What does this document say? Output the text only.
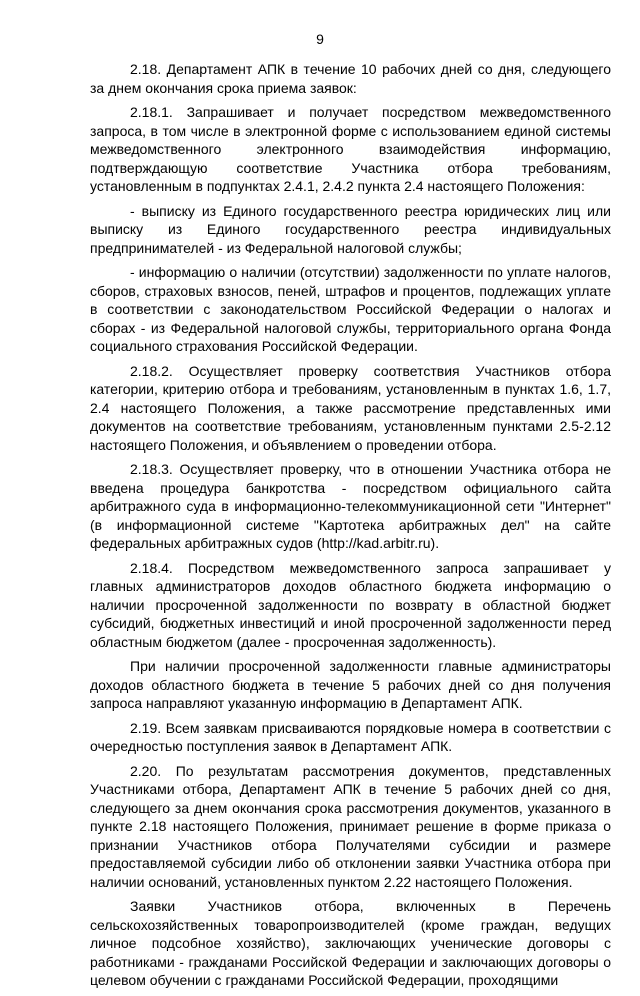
9

2.18. Департамент АПК в течение 10 рабочих дней со дня, следующего за днем окончания срока приема заявок:

2.18.1. Запрашивает и получает посредством межведомственного запроса, в том числе в электронной форме с использованием единой системы межведомственного электронного взаимодействия информацию, подтверждающую соответствие Участника отбора требованиям, установленным в подпунктах 2.4.1, 2.4.2 пункта 2.4 настоящего Положения:

- выписку из Единого государственного реестра юридических лиц или выписку из Единого государственного реестра индивидуальных предпринимателей - из Федеральной налоговой службы;

- информацию о наличии (отсутствии) задолженности по уплате налогов, сборов, страховых взносов, пеней, штрафов и процентов, подлежащих уплате в соответствии с законодательством Российской Федерации о налогах и сборах - из Федеральной налоговой службы, территориального органа Фонда социального страхования Российской Федерации.

2.18.2. Осуществляет проверку соответствия Участников отбора категории, критерию отбора и требованиям, установленным в пунктах 1.6, 1.7, 2.4 настоящего Положения, а также рассмотрение представленных ими документов на соответствие требованиям, установленным пунктами 2.5-2.12 настоящего Положения, и объявлением о проведении отбора.

2.18.3. Осуществляет проверку, что в отношении Участника отбора не введена процедура банкротства - посредством официального сайта арбитражного суда в информационно-телекоммуникационной сети "Интернет" (в информационной системе "Картотека арбитражных дел" на сайте федеральных арбитражных судов (http://kad.arbitr.ru).

2.18.4. Посредством межведомственного запроса запрашивает у главных администраторов доходов областного бюджета информацию о наличии просроченной задолженности по возврату в областной бюджет субсидий, бюджетных инвестиций и иной просроченной задолженности перед областным бюджетом (далее - просроченная задолженность).

При наличии просроченной задолженности главные администраторы доходов областного бюджета в течение 5 рабочих дней со дня получения запроса направляют указанную информацию в Департамент АПК.

2.19. Всем заявкам присваиваются порядковые номера в соответствии с очередностью поступления заявок в Департамент АПК.

2.20. По результатам рассмотрения документов, представленных Участниками отбора, Департамент АПК в течение 5 рабочих дней со дня, следующего за днем окончания срока рассмотрения документов, указанного в пункте 2.18 настоящего Положения, принимает решение в форме приказа о признании Участников отбора Получателями субсидии и размере предоставляемой субсидии либо об отклонении заявки Участника отбора при наличии оснований, установленных пунктом 2.22 настоящего Положения.

Заявки Участников отбора, включенных в Перечень сельскохозяйственных товаропроизводителей (кроме граждан, ведущих личное подсобное хозяйство), заключающих ученические договоры с работниками - гражданами Российской Федерации и заключающих договоры о целевом обучении с гражданами Российской Федерации, проходящими
